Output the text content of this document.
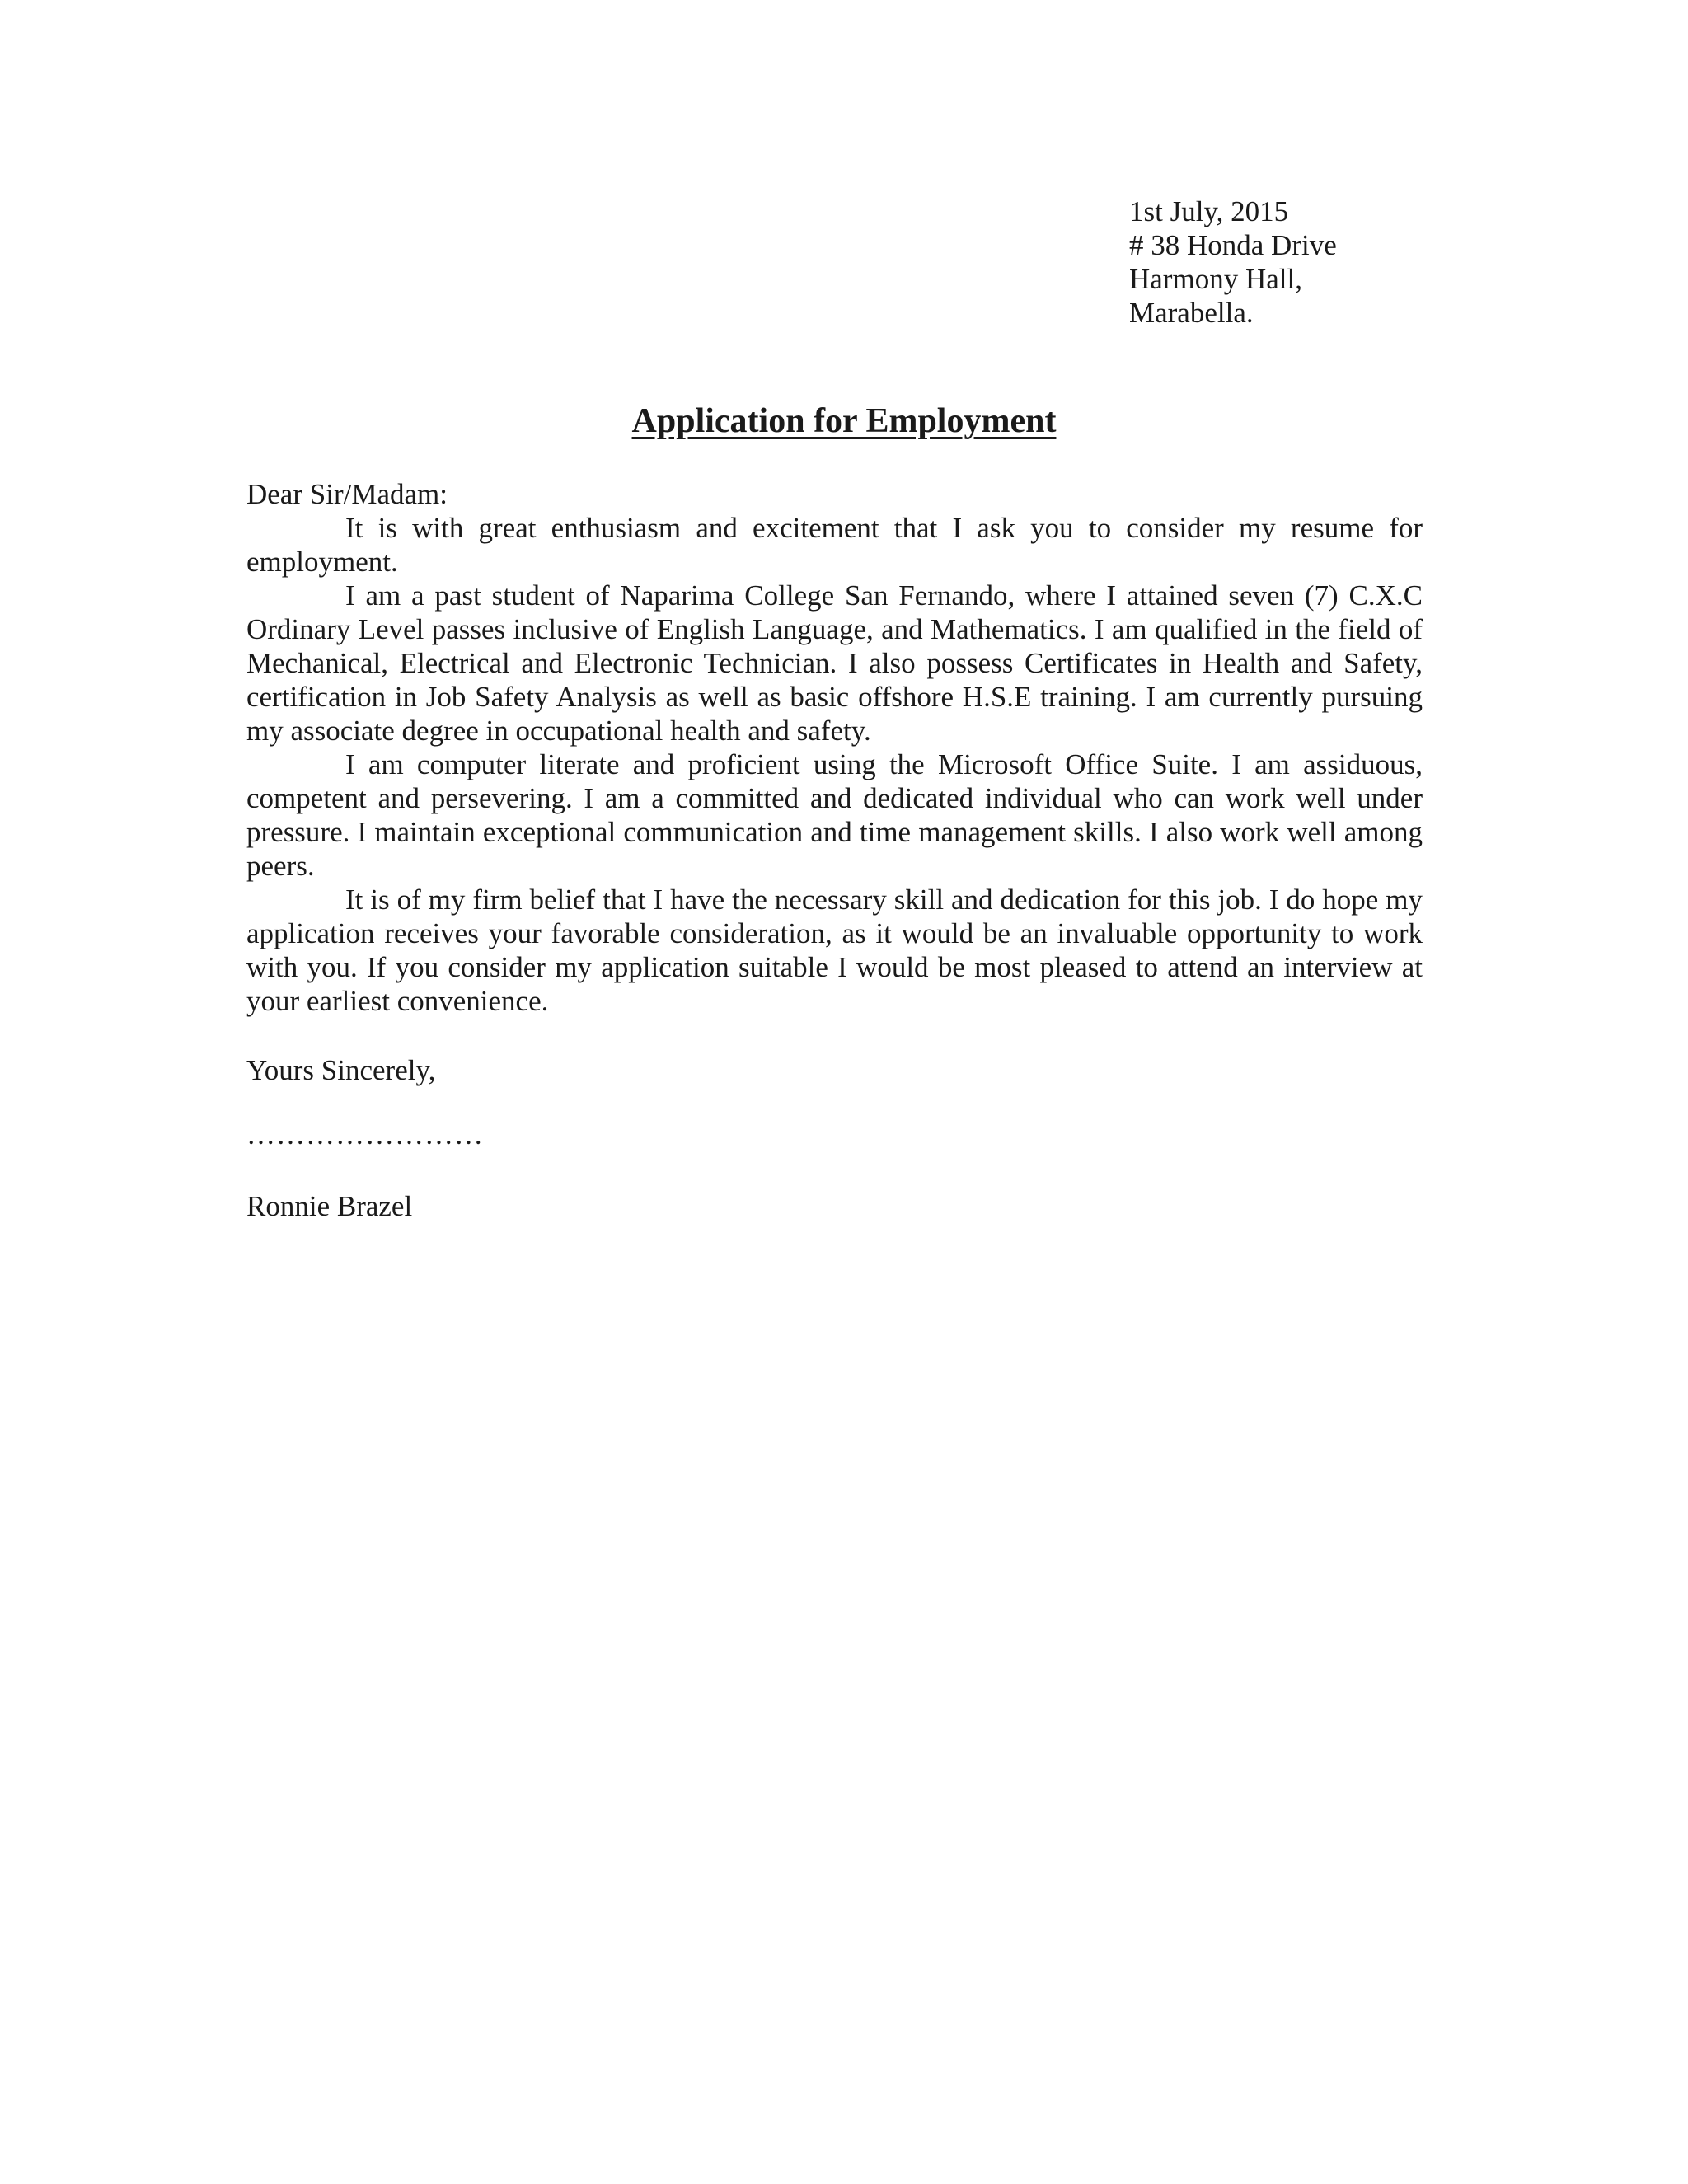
1st July, 2015
# 38 Honda Drive
Harmony Hall,
Marabella.
Application for Employment

Dear Sir/Madam:

It is with great enthusiasm and excitement that I ask you to consider my resume for employment.

I am a past student of Naparima College San Fernando, where I attained seven (7) C.X.C Ordinary Level passes inclusive of English Language, and Mathematics. I am qualified in the field of Mechanical, Electrical and Electronic Technician. I also possess Certificates in Health and Safety, certification in Job Safety Analysis as well as basic offshore H.S.E training. I am currently pursuing my associate degree in occupational health and safety.

I am computer literate and proficient using the Microsoft Office Suite. I am assiduous, competent and persevering. I am a committed and dedicated individual who can work well under pressure. I maintain exceptional communication and time management skills. I also work well among peers.

It is of my firm belief that I have the necessary skill and dedication for this job. I do hope my application receives your favorable consideration, as it would be an invaluable opportunity to work with you. If you consider my application suitable I would be most pleased to attend an interview at your earliest convenience.

Yours Sincerely,
……………………
Ronnie Brazel
